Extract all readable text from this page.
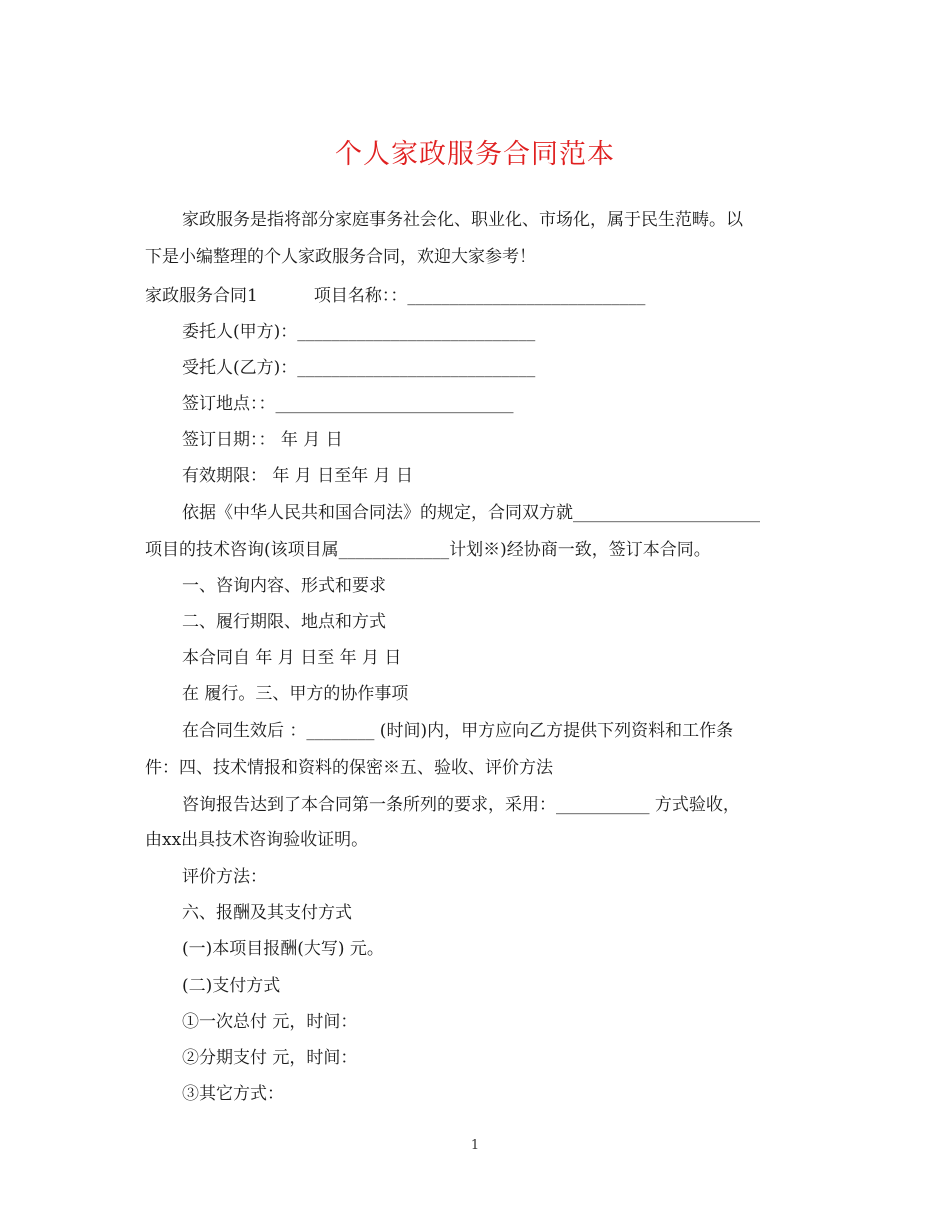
个人家政服务合同范本
家政服务是指将部分家庭事务社会化、职业化、市场化，属于民生范畴。以
下是小编整理的个人家政服务合同，欢迎大家参考！
家政服务合同1	项目名称：：____________________________
委托人(甲方)：____________________________
受托人(乙方)：____________________________
签订地点：：____________________________
签订日期：： 年 月 日
有效期限： 年 月 日至年 月 日
依据《中华人民共和国合同法》的规定，合同双方就______________________
项目的技术咨询(该项目属_____________计划※)经协商一致，签订本合同。
一、咨询内容、形式和要求
二、履行期限、地点和方式
本合同自 年 月 日至 年 月 日
在 履行。三、甲方的协作事项
在合同生效后 ：________ (时间)内，甲方应向乙方提供下列资料和工作条
件：四、技术情报和资料的保密※五、验收、评价方法
咨询报告达到了本合同第一条所列的要求，采用：___________ 方式验收，
由xx出具技术咨询验收证明。
评价方法：
六、报酬及其支付方式
(一)本项目报酬(大写) 元。
(二)支付方式
①一次总付 元，时间：
②分期支付 元，时间：
③其它方式：
1
